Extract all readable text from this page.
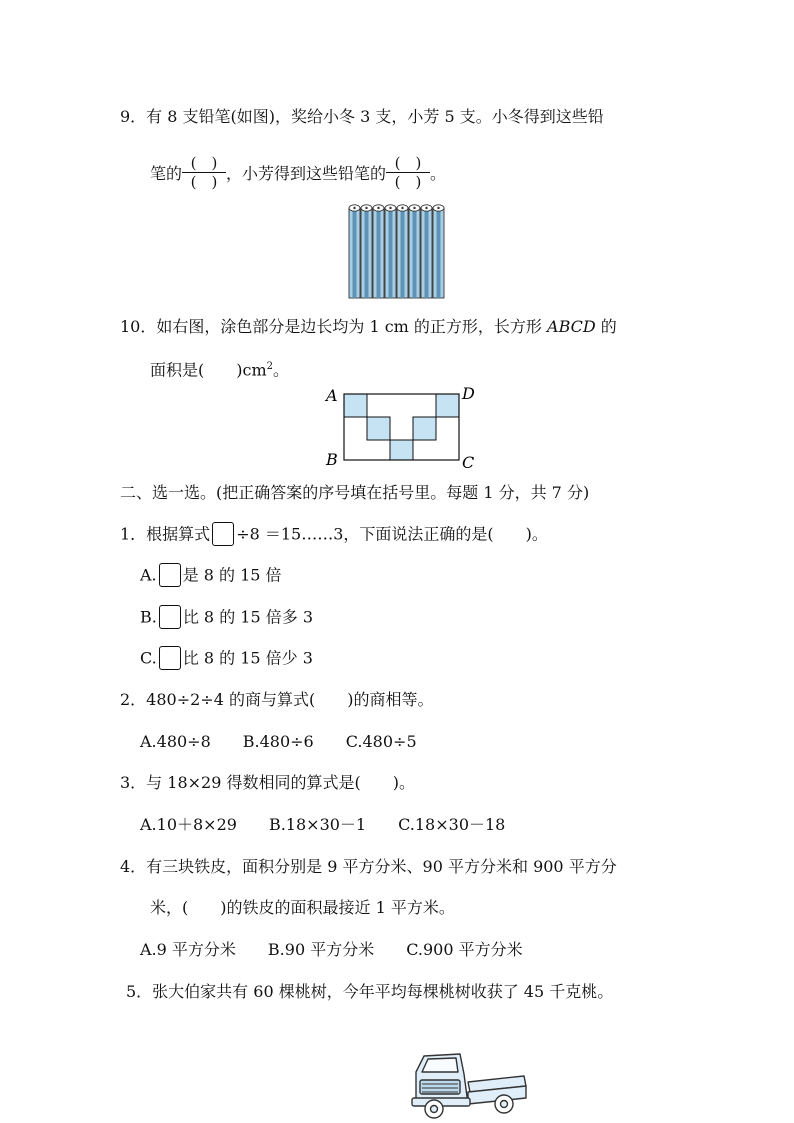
9．有 8 支铅笔(如图)，奖给小冬 3 支，小芳 5 支。小冬得到这些铅
笔的 $\frac{( )}{( )}$ ，小芳得到这些铅笔的 $\frac{( )}{( )}$ 。
10．如右图，涂色部分是边长均为 1 cm 的正方形，长方形 ABCD 的
面积是(　　)$cm^2$。
A	D
B	C
二、选一选。(把正确答案的序号填在括号里。每题 1 分，共 7 分)
1．根据算式 ÷8 ＝15……3，下面说法正确的是(　　)。
A. 是 8 的 15 倍
B. 比 8 的 15 倍多 3
C. 比 8 的 15 倍少 3
2．480÷2÷4 的商与算式(　　)的商相等。
A.480÷8 B.480÷6 C.480÷5
3．与 18×29 得数相同的算式是(　　)。
A.10＋8×29 B.18×30－1 C.18×30－18
4．有三块铁皮，面积分别是 9 平方分米、90 平方分米和 900 平方分
米，(　　)的铁皮的面积最接近 1 平方米。
A.9 平方分米 B.90 平方分米 C.900 平方分米
5．张大伯家共有 60 棵桃树，今年平均每棵桃树收获了 45 千克桃。
